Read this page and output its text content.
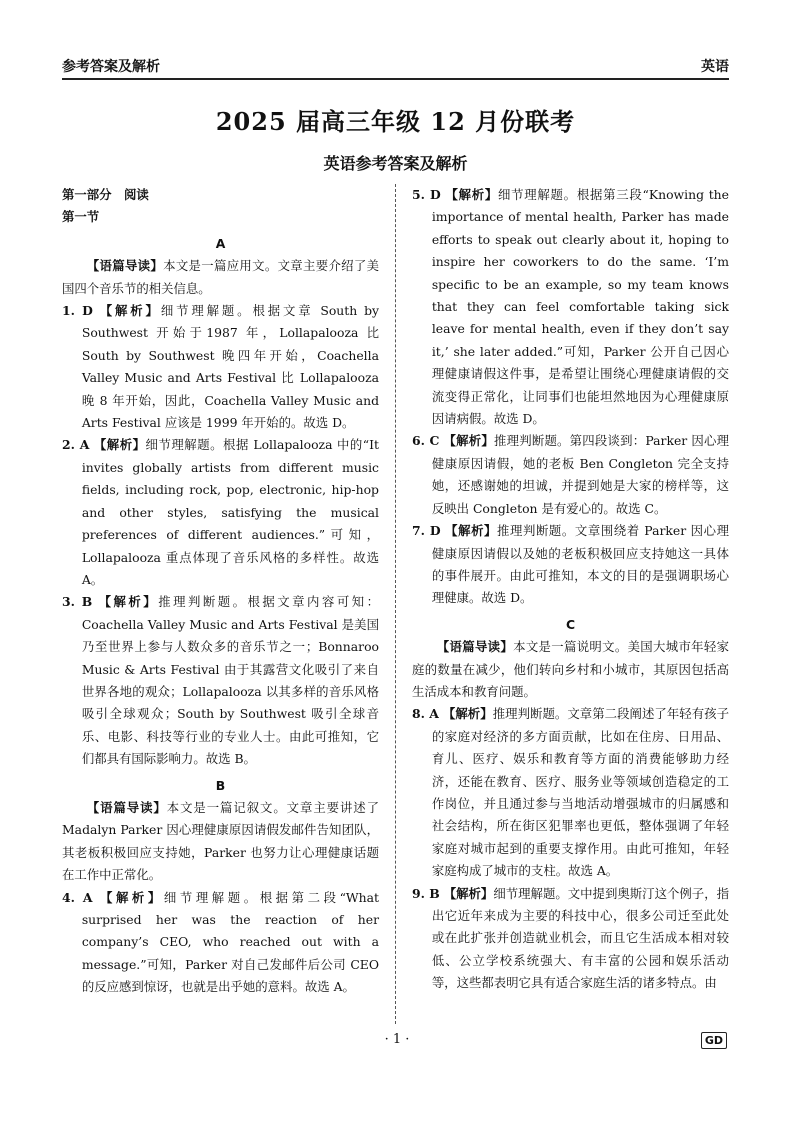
参考答案及解析	英语
2025 届高三年级 12 月份联考
英语参考答案及解析
第一部分　阅读
第一节
A
【语篇导读】本文是一篇应用文。文章主要介绍了美国四个音乐节的相关信息。
1. D 【解析】细节理解题。根据文章 South by Southwest 开始于1987 年，Lollapalooza 比 South by Southwest 晚四年开始，Coachella Valley Music and Arts Festival 比 Lollapalooza 晚 8 年开始，因此，Coachella Valley Music and Arts Festival 应该是 1999 年开始的。故选 D。
2. A 【解析】细节理解题。根据 Lollapalooza 中的“It invites globally artists from different music fields, including rock, pop, electronic, hip-hop and other styles, satisfying the musical preferences of different audiences.”可知，Lollapalooza 重点体现了音乐风格的多样性。故选 A。
3. B 【解析】推理判断题。根据文章内容可知：Coachella Valley Music and Arts Festival 是美国乃至世界上参与人数众多的音乐节之一；Bonnaroo Music & Arts Festival 由于其露营文化吸引了来自世界各地的观众；Lollapalooza 以其多样的音乐风格吸引全球观众；South by Southwest 吸引全球音乐、电影、科技等行业的专业人士。由此可推知，它们都具有国际影响力。故选 B。
B
【语篇导读】本文是一篇记叙文。文章主要讲述了 Madalyn Parker 因心理健康原因请假发邮件告知团队，其老板积极回应支持她，Parker 也努力让心理健康话题在工作中正常化。
4. A 【解析】细节理解题。根据第二段“What surprised her was the reaction of her company’s CEO, who reached out with a message.”可知，Parker 对自己发邮件后公司 CEO 的反应感到惊讶，也就是出乎她的意料。故选 A。
5. D 【解析】细节理解题。根据第三段“Knowing the importance of mental health, Parker has made efforts to speak out clearly about it, hoping to inspire her coworkers to do the same. ‘I’m specific to be an example, so my team knows that they can feel comfortable taking sick leave for mental health, even if they don’t say it,’ she later added.”可知，Parker 公开自己因心理健康请假这件事，是希望让围绕心理健康请假的交流变得正常化，让同事们也能坦然地因为心理健康原因请病假。故选 D。
6. C 【解析】推理判断题。第四段谈到：Parker 因心理健康原因请假，她的老板 Ben Congleton 完全支持她，还感谢她的坦诚，并提到她是大家的榜样等，这反映出 Congleton 是有爱心的。故选 C。
7. D 【解析】推理判断题。文章围绕着 Parker 因心理健康原因请假以及她的老板积极回应支持她这一具体的事件展开。由此可推知，本文的目的是强调职场心理健康。故选 D。
C
【语篇导读】本文是一篇说明文。美国大城市年轻家庭的数量在减少，他们转向乡村和小城市，其原因包括高生活成本和教育问题。
8. A 【解析】推理判断题。文章第二段阐述了年轻有孩子的家庭对经济的多方面贡献，比如在住房、日用品、育儿、医疗、娱乐和教育等方面的消费能够助力经济，还能在教育、医疗、服务业等领域创造稳定的工作岗位，并且通过参与当地活动增强城市的归属感和社会结构，所在街区犯罪率也更低，整体强调了年轻家庭对城市起到的重要支撑作用。由此可推知，年轻家庭构成了城市的支柱。故选 A。
9. B 【解析】细节理解题。文中提到奥斯汀这个例子，指出它近年来成为主要的科技中心，很多公司迁至此处或在此扩张并创造就业机会，而且它生活成本相对较低、公立学校系统强大、有丰富的公园和娱乐活动等，这些都表明它具有适合家庭生活的诸多特点。由
· 1 ·	GD
